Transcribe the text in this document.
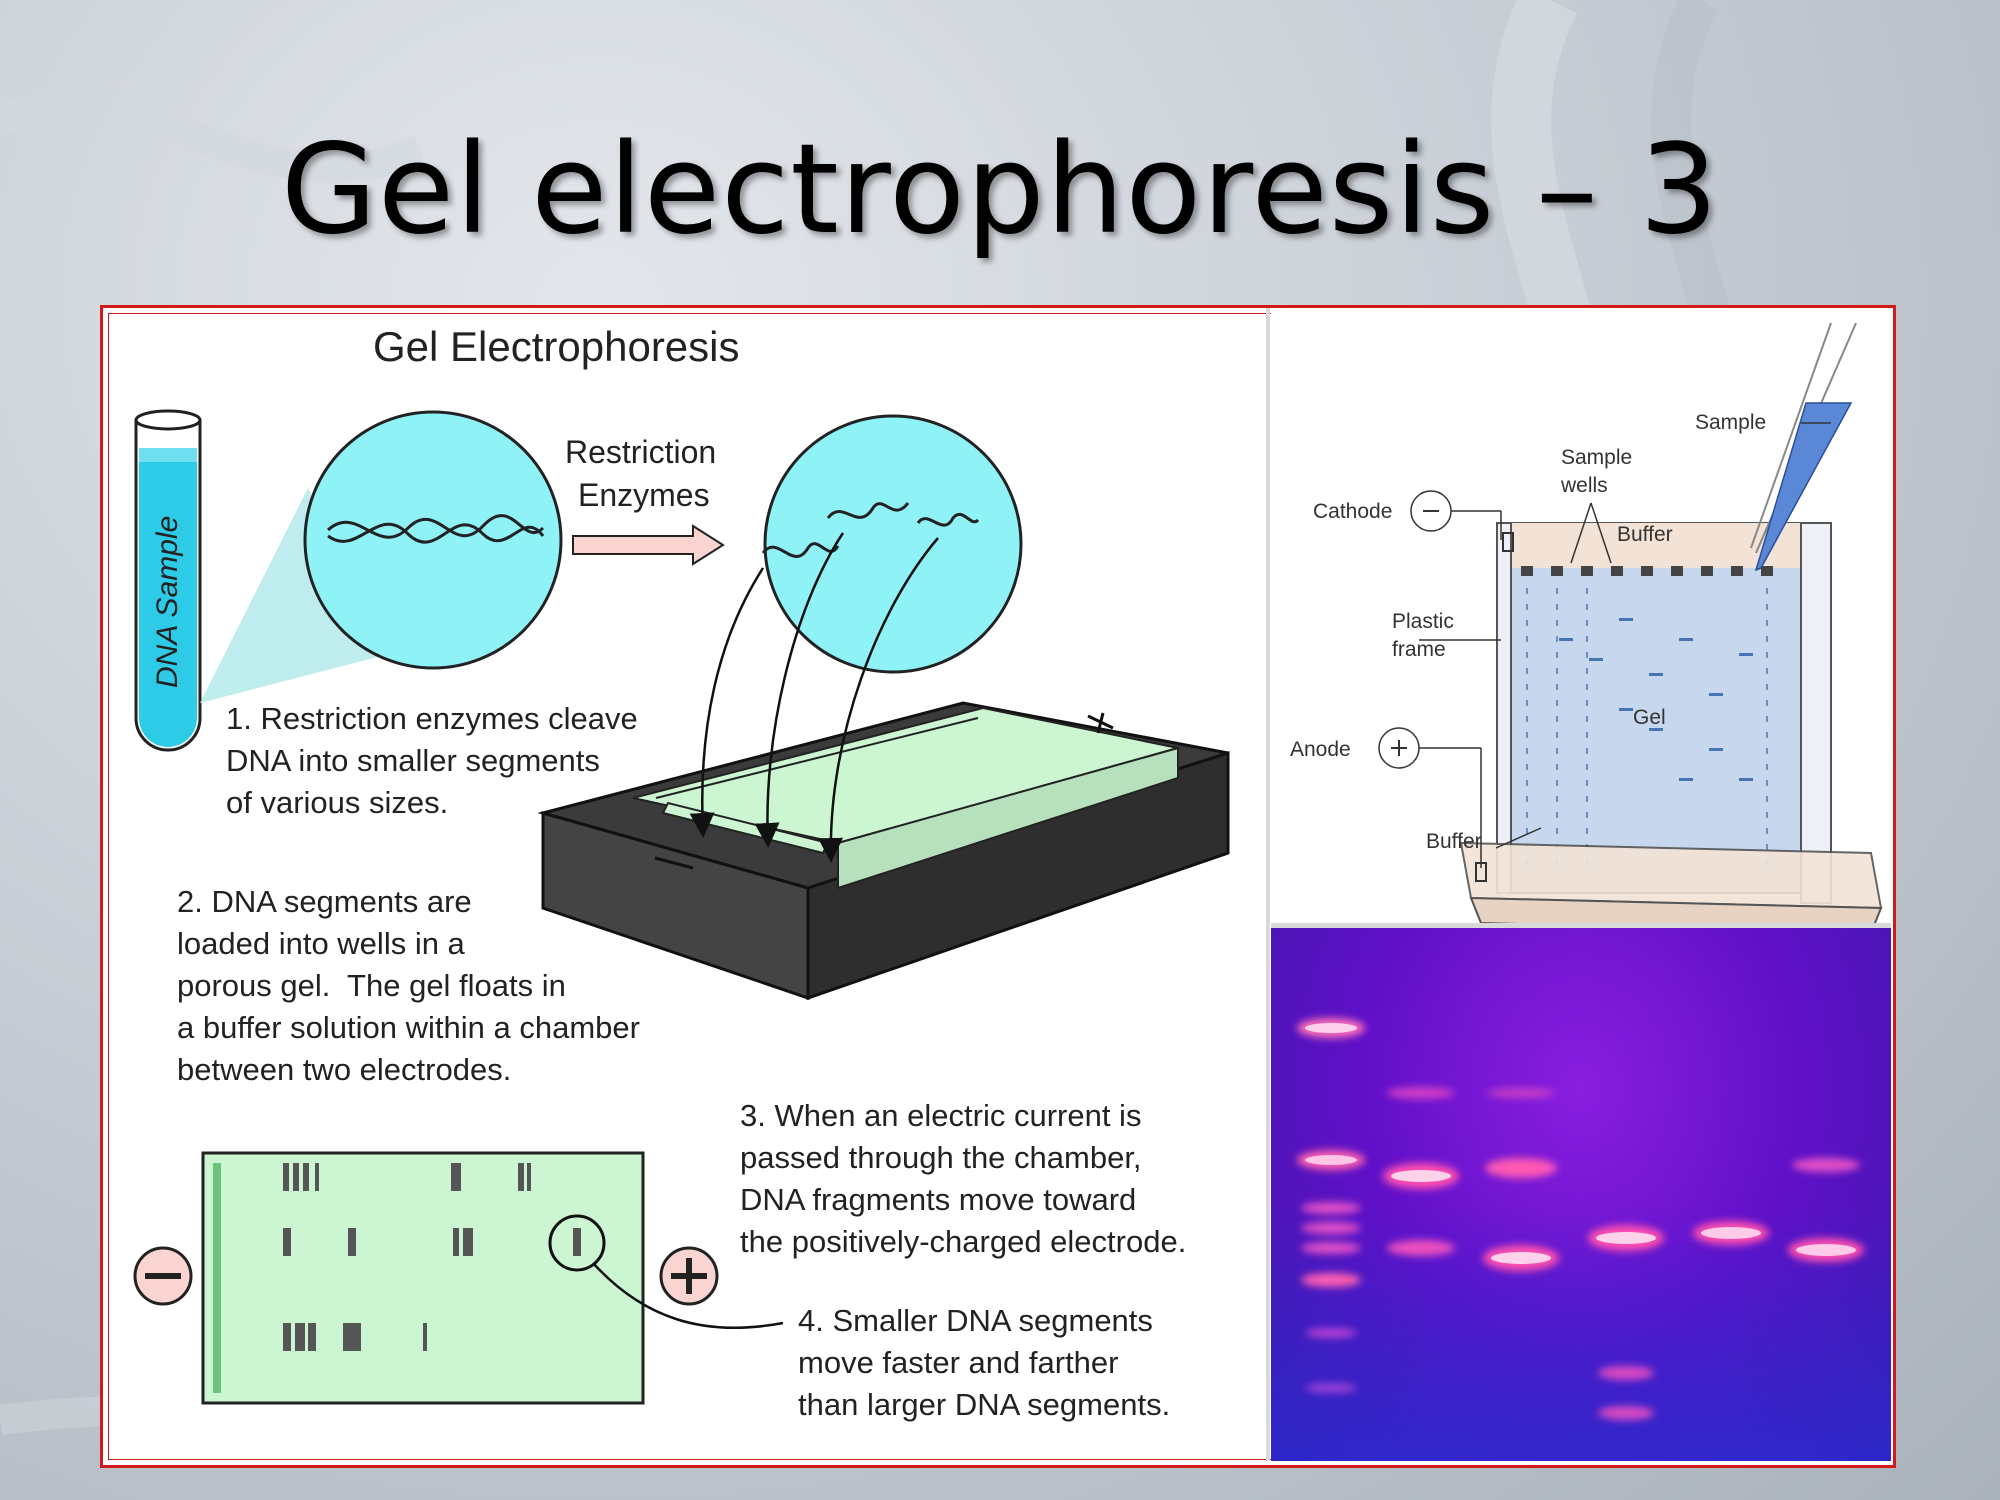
Gel electrophoresis – 3
Gel Electrophoresis
DNA Sample
Restriction
Enzymes
1. Restriction enzymes cleave
DNA into smaller segments
of various sizes.
2. DNA segments are
loaded into wells in a
porous gel.  The gel floats in
a buffer solution within a chamber
between two electrodes.
3. When an electric current is
passed through the chamber,
DNA fragments move toward
the positively-charged electrode.
4. Smaller DNA segments
move faster and farther
than larger DNA segments.
Sample
Sample
wells
Cathode
Buffer
Plastic
frame
Gel
Anode
Buffer
